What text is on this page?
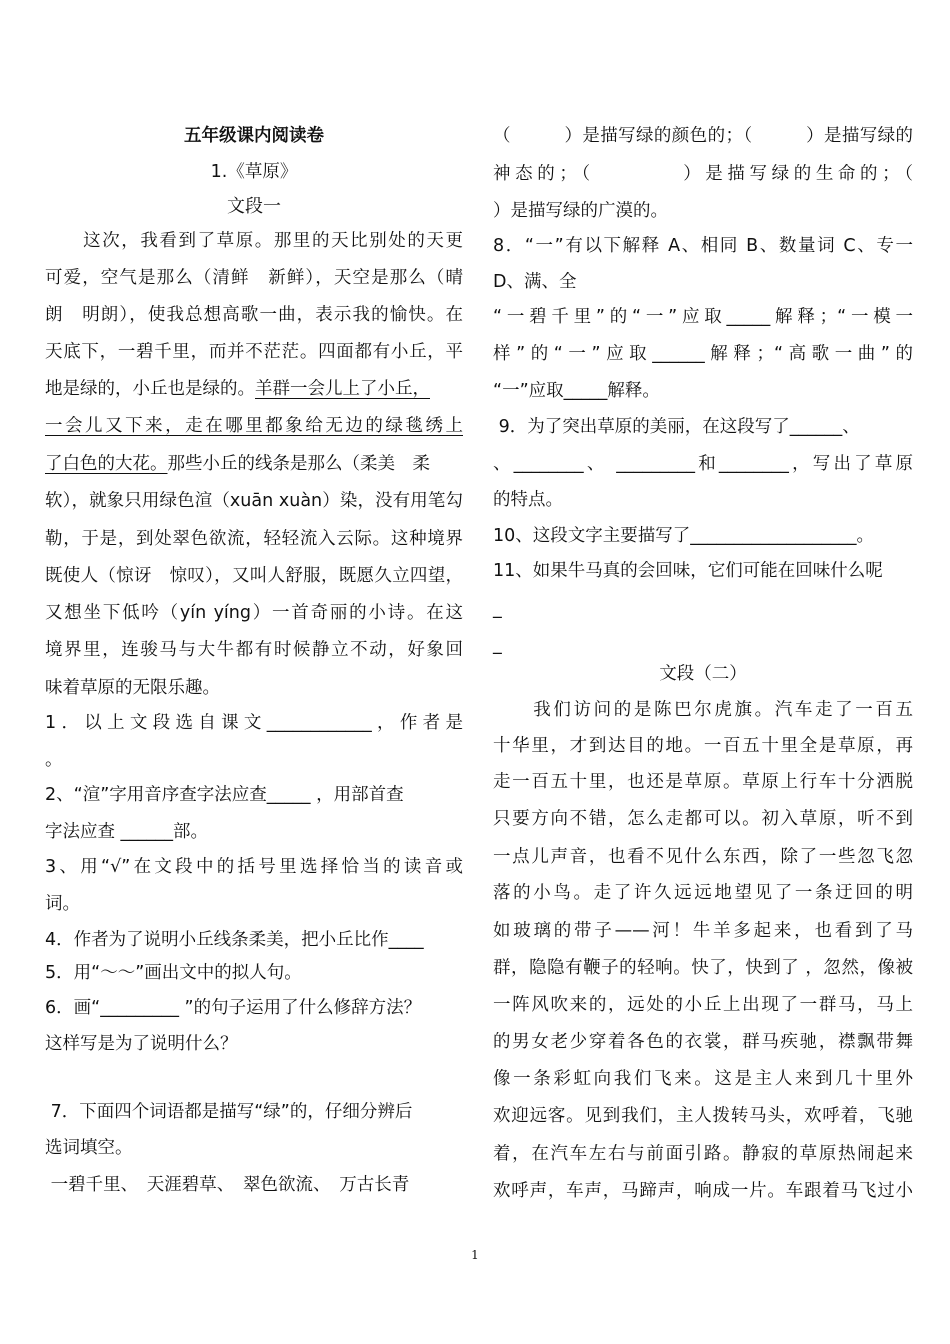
五年级课内阅读卷
1.《草原》
文段一
　　这次，我看到了草原。那里的天比别处的天更
可爱，空气是那么（清鲜　新鲜），天空是那么（晴
朗　明朗），使我总想高歌一曲，表示我的愉快。在
天底下，一碧千里，而并不茫茫。四面都有小丘，平
地是绿的，小丘也是绿的。羊群一会儿上了小丘，
一会儿又下来，走在哪里都象给无边的绿毯绣上
了白色的大花。那些小丘的线条是那么（柔美　柔
软），就象只用绿色渲（xuān xuàn）染，没有用笔勾
勒，于是，到处翠色欲流，轻轻流入云际。这种境界
既使人（惊讶　惊叹），又叫人舒服，既愿久立四望，
又想坐下低吟（yín yíng）一首奇丽的小诗。在这
境界里，连骏马与大牛都有时候静立不动，好象回
味着草原的无限乐趣。
1．以上文段选自课文____________，作者是
。
2、“渲”字用音序查字法应查_____ ，用部首查
字法应查 ______部。
3、用“√”在文段中的括号里选择恰当的读音或
词。
4．作者为了说明小丘线条柔美，把小丘比作____
5．用“～～”画出文中的拟人句。
6．画“_________ ”的句子运用了什么修辞方法？
这样写是为了说明什么？
7．下面四个词语都是描写“绿”的，仔细分辨后
选词填空。
一碧千里、　天涯碧草、　翠色欲流、　万古长青
（　　　）是描写绿的颜色的；（　　　）是描写绿的
神态的；（　　　　）是描写绿的生命的；（
）是描写绿的广漠的。
8．“一”有以下解释 A、相同 B、数量词 C、专一
D、满、全
“一碧千里”的“一”应取_____解释；“一模一
样”的“一”应取______解释；“高歌一曲”的
“一”应取_____解释。
9．为了突出草原的美丽，在这段写了______、
、________、 _________和________，写出了草原
的特点。
10、这段文字主要描写了___________________。
11、如果牛马真的会回味，它们可能在回味什么呢
_
_
文段（二）
　　我们访问的是陈巴尔虎旗。汽车走了一百五
十华里，才到达目的地。一百五十里全是草原，再
走一百五十里，也还是草原。草原上行车十分洒脱
只要方向不错，怎么走都可以。初入草原，听不到
一点儿声音，也看不见什么东西，除了一些忽飞忽
落的小鸟。走了许久远远地望见了一条迂回的明
如玻璃的带子——河！牛羊多起来，也看到了马
群，隐隐有鞭子的轻响。快了，快到了 ，忽然，像被
一阵风吹来的，远处的小丘上出现了一群马，马上
的男女老少穿着各色的衣裳，群马疾驰，襟飘带舞
像一条彩虹向我们飞来。这是主人来到几十里外
欢迎远客。见到我们，主人拨转马头，欢呼着，飞驰
着，在汽车左右与前面引路。静寂的草原热闹起来
欢呼声，车声，马蹄声，响成一片。车跟着马飞过小
1
